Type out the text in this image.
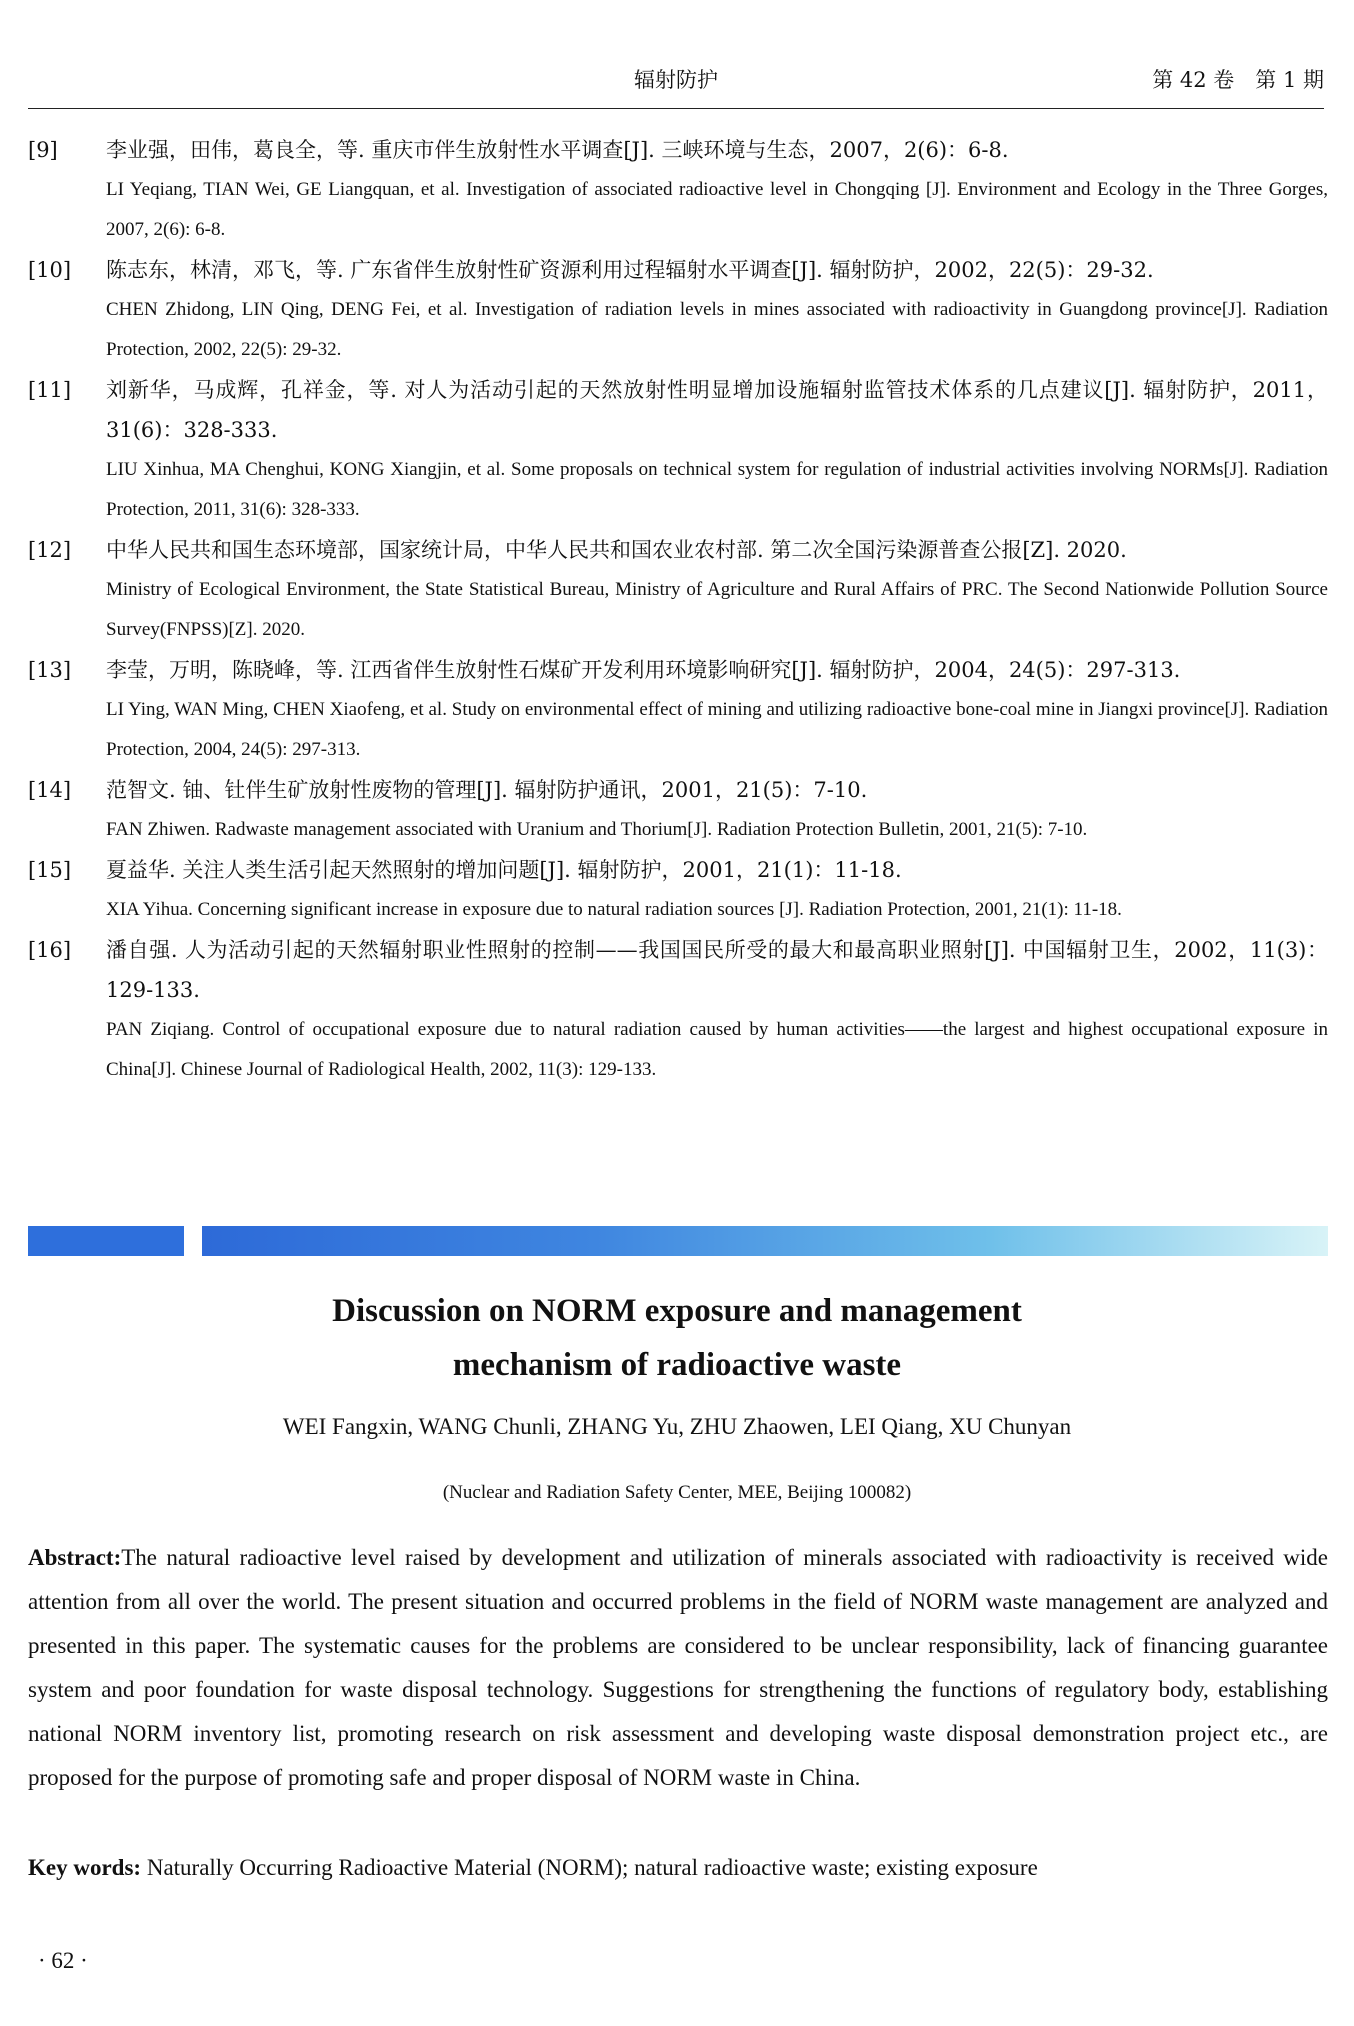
辐射防护	第 42 卷　第 1 期
[9] 李业强，田伟，葛良全，等. 重庆市伴生放射性水平调查[J]. 三峡环境与生态，2007，2(6)：6-8.
LI Yeqiang, TIAN Wei, GE Liangquan, et al. Investigation of associated radioactive level in Chongqing [J]. Environment and Ecology in the Three Gorges, 2007, 2(6): 6-8.
[10] 陈志东，林清，邓飞，等. 广东省伴生放射性矿资源利用过程辐射水平调查[J]. 辐射防护，2002，22(5)：29-32.
CHEN Zhidong, LIN Qing, DENG Fei, et al. Investigation of radiation levels in mines associated with radioactivity in Guangdong province[J]. Radiation Protection, 2002, 22(5): 29-32.
[11] 刘新华，马成辉，孔祥金，等. 对人为活动引起的天然放射性明显增加设施辐射监管技术体系的几点建议[J]. 辐射防护，2011，31(6)：328-333.
LIU Xinhua, MA Chenghui, KONG Xiangjin, et al. Some proposals on technical system for regulation of industrial activities involving NORMs[J]. Radiation Protection, 2011, 31(6): 328-333.
[12] 中华人民共和国生态环境部，国家统计局，中华人民共和国农业农村部. 第二次全国污染源普查公报[Z]. 2020.
Ministry of Ecological Environment, the State Statistical Bureau, Ministry of Agriculture and Rural Affairs of PRC. The Second Nationwide Pollution Source Survey(FNPSS)[Z]. 2020.
[13] 李莹，万明，陈晓峰，等. 江西省伴生放射性石煤矿开发利用环境影响研究[J]. 辐射防护，2004，24(5)：297-313.
LI Ying, WAN Ming, CHEN Xiaofeng, et al. Study on environmental effect of mining and utilizing radioactive bone-coal mine in Jiangxi province[J]. Radiation Protection, 2004, 24(5): 297-313.
[14] 范智文. 铀、钍伴生矿放射性废物的管理[J]. 辐射防护通讯，2001，21(5)：7-10.
FAN Zhiwen. Radwaste management associated with Uranium and Thorium[J]. Radiation Protection Bulletin, 2001, 21(5): 7-10.
[15] 夏益华. 关注人类生活引起天然照射的增加问题[J]. 辐射防护，2001，21(1)：11-18.
XIA Yihua. Concerning significant increase in exposure due to natural radiation sources [J]. Radiation Protection, 2001, 21(1): 11-18.
[16] 潘自强. 人为活动引起的天然辐射职业性照射的控制——我国国民所受的最大和最高职业照射[J]. 中国辐射卫生，2002，11(3)：129-133.
PAN Ziqiang. Control of occupational exposure due to natural radiation caused by human activities——the largest and highest occupational exposure in China[J]. Chinese Journal of Radiological Health, 2002, 11(3): 129-133.
Discussion on NORM exposure and management
mechanism of radioactive waste
WEI Fangxin, WANG Chunli, ZHANG Yu, ZHU Zhaowen, LEI Qiang, XU Chunyan
(Nuclear and Radiation Safety Center, MEE, Beijing 100082)
Abstract:The natural radioactive level raised by development and utilization of minerals associated with radioactivity is received wide attention from all over the world. The present situation and occurred problems in the field of NORM waste management are analyzed and presented in this paper. The systematic causes for the problems are considered to be unclear responsibility, lack of financing guarantee system and poor foundation for waste disposal technology. Suggestions for strengthening the functions of regulatory body, establishing national NORM inventory list, promoting research on risk assessment and developing waste disposal demonstration project etc., are proposed for the purpose of promoting safe and proper disposal of NORM waste in China.
Key words: Naturally Occurring Radioactive Material (NORM); natural radioactive waste; existing exposure
· 62 ·
